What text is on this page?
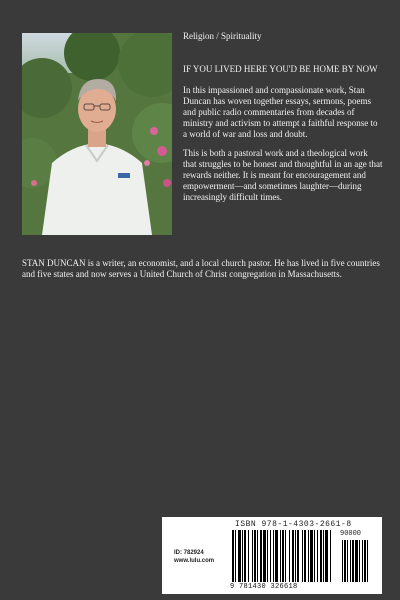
Religion / Spirituality

IF YOU LIVED HERE YOU'D BE HOME BY NOW

In this impassioned and compassionate work, Stan Duncan has woven together essays, sermons, poems and public radio commentaries from decades of ministry and activism to attempt a faithful response to a world of war and loss and doubt.

This is both a pastoral work and a theological work that struggles to be honest and thoughtful in an age that rewards neither. It is meant for encouragement and empowerment—and sometimes laughter—during increasingly difficult times.

STAN DUNCAN is a writer, an economist, and a local church pastor. He has lived in five countries and five states and now serves a United Church of Christ congregation in Massachusetts.

ISBN 978-1-4303-2661-8
ID: 782924
www.lulu.com
90000
9 781430 326618
